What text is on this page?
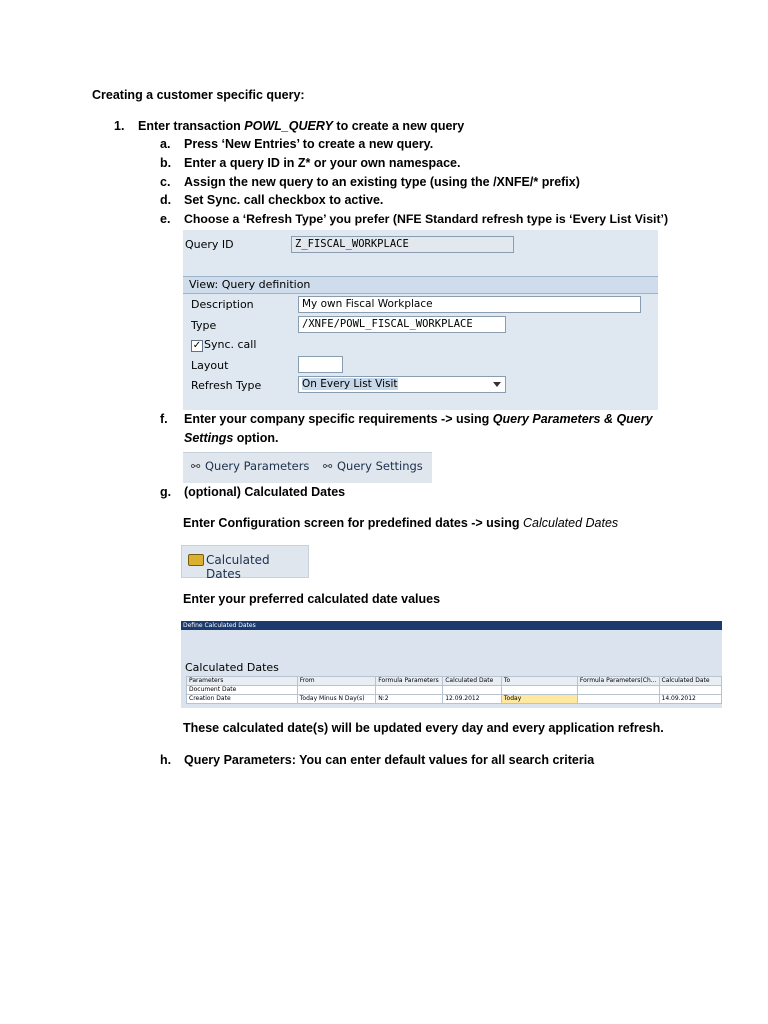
Creating a customer specific query:
1. Enter transaction POWL_QUERY to create a new query
a. Press ‘New Entries’ to create a new query.
b. Enter a query ID in Z* or your own namespace.
c. Assign the new query to an existing type (using the /XNFE/* prefix)
d. Set Sync. call checkbox to active.
e. Choose a ‘Refresh Type’ you prefer (NFE Standard refresh type is ‘Every List Visit’)
Query ID	Z_FISCAL_WORKPLACE
View: Query definition
Description	My own Fiscal Workplace
Type	/XNFE/POWL_FISCAL_WORKPLACE
✓ Sync. call
Layout
Refresh Type	On Every List Visit
f. Enter your company specific requirements -> using Query Parameters & Query
Settings option.
⚯ Query Parameters ⚯ Query Settings
g. (optional) Calculated Dates
Enter Configuration screen for predefined dates -> using Calculated Dates
Calculated Dates
Enter your preferred calculated date values
Define Calculated Dates
Calculated Dates
Parameters	From	Formula Parameters	Calculated Date	To	Formula Parameters(Ch...	Calculated Date
Document Date						
Creation Date	Today Minus N Day(s)	N:2	12.09.2012	Today		14.09.2012
These calculated date(s) will be updated every day and every application refresh.
h. Query Parameters: You can enter default values for all search criteria
